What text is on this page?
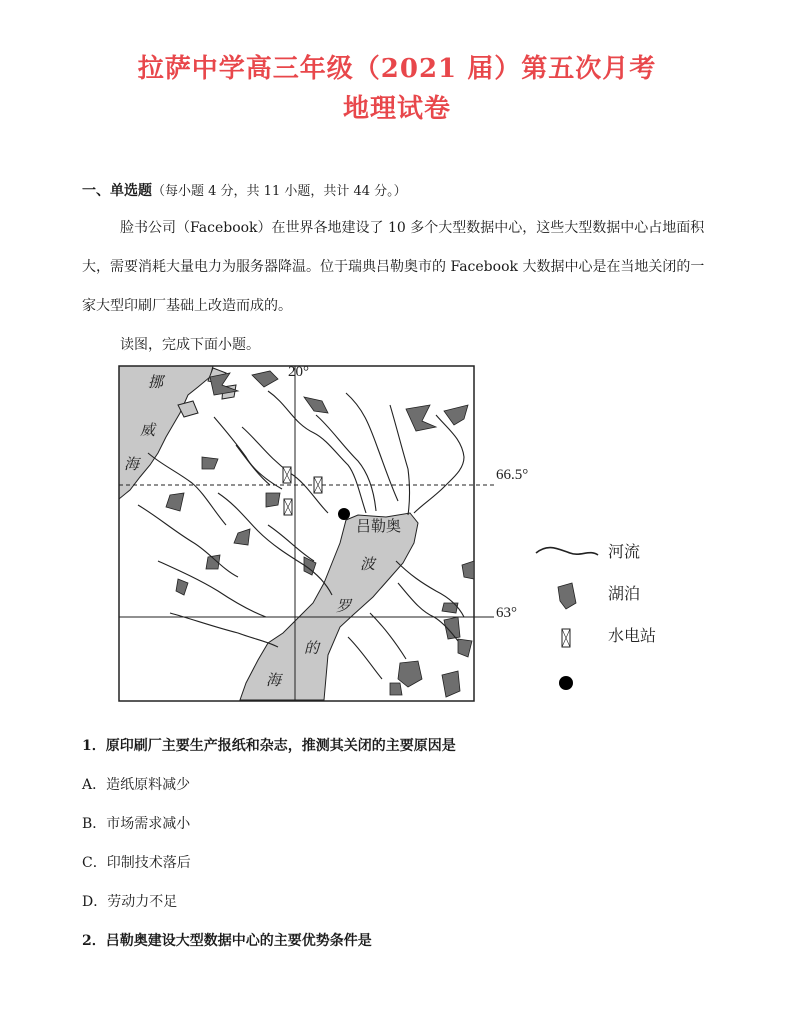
拉萨中学高三年级（2021 届）第五次月考
地理试卷
一、单选题（每小题 4 分，共 11 小题，共计 44 分。）
脸书公司（Facebook）在世界各地建设了 10 多个大型数据中心，这些大型数据中心占地面积大，需要消耗大量电力为服务器降温。位于瑞典吕勒奥市的 Facebook 大数据中心是在当地关闭的一家大型印刷厂基础上改造而成的。
读图，完成下面小题。
20°
66.5°
63°
吕勒奥
挪
威
海
波
罗
的
海
河流
湖泊
水电站
1．原印刷厂主要生产报纸和杂志，推测其关闭的主要原因是
A．造纸原料减少
B．市场需求减小
C．印制技术落后
D．劳动力不足
2．吕勒奥建设大型数据中心的主要优势条件是
